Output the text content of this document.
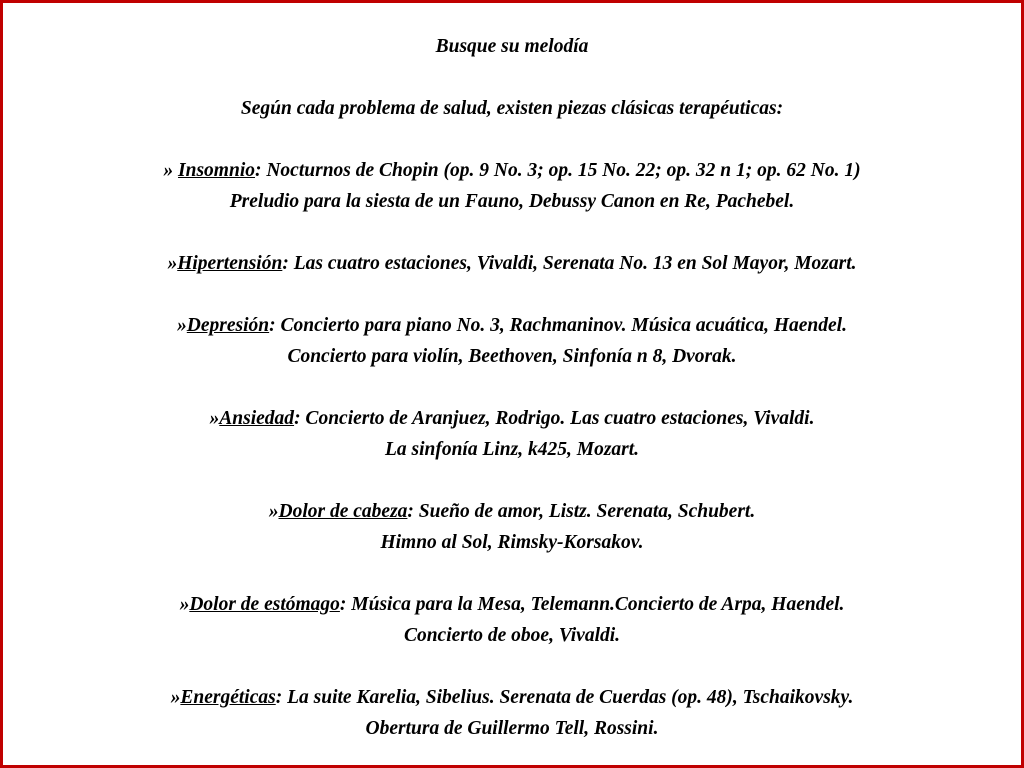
Busque su melodía
Según cada problema de salud, existen piezas clásicas terapéuticas:
» Insomnio: Nocturnos de Chopin (op. 9 No. 3; op. 15 No. 22; op. 32 n 1; op. 62 No. 1)
Preludio para la siesta de un Fauno, Debussy Canon en Re, Pachebel.
»Hipertensión: Las cuatro estaciones, Vivaldi, Serenata No. 13 en Sol Mayor, Mozart.
»Depresión: Concierto para piano No. 3, Rachmaninov. Música acuática, Haendel.
Concierto para violín, Beethoven, Sinfonía n 8, Dvorak.
»Ansiedad: Concierto de Aranjuez, Rodrigo. Las cuatro estaciones, Vivaldi.
La sinfonía Linz, k425, Mozart.
»Dolor de cabeza: Sueño de amor, Listz. Serenata, Schubert.
Himno al Sol, Rimsky-Korsakov.
»Dolor de estómago: Música para la Mesa, Telemann.Concierto de Arpa, Haendel.
Concierto de oboe, Vivaldi.
»Energéticas: La suite Karelia, Sibelius. Serenata de Cuerdas (op. 48), Tschaikovsky.
Obertura de Guillermo Tell, Rossini.
